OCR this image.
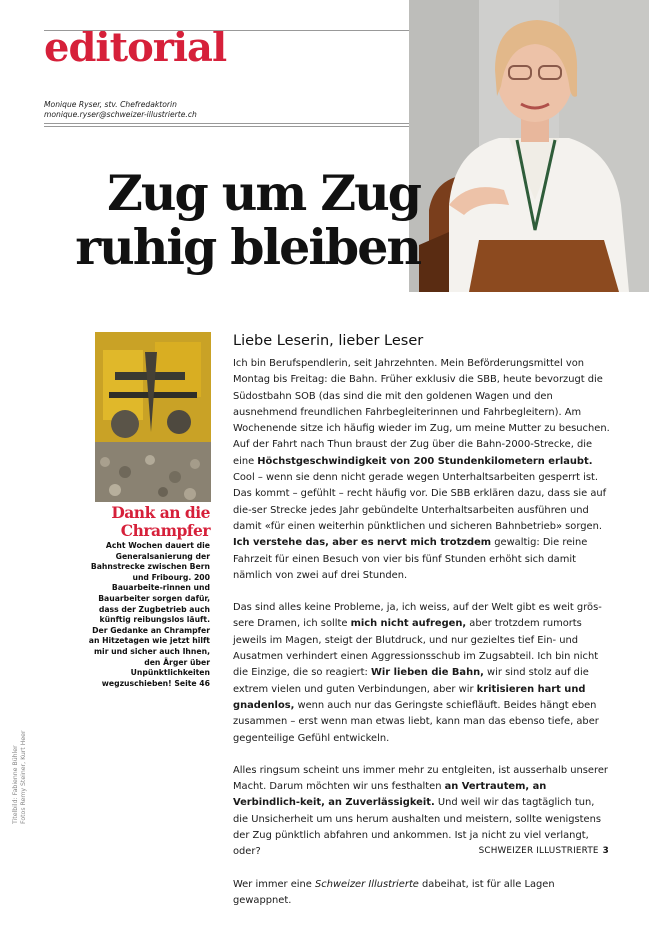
editorial
Monique Ryser, stv. Chefredaktorin
monique.ryser@schweizer-illustrierte.ch
Zug um Zug
ruhig bleiben
Dank an die
Chrampfer
Acht Wochen dauert die Generalsanierung der Bahnstrecke zwischen Bern und Fribourg. 200 Bauarbeite-rinnen und Bauarbeiter sorgen dafür, dass der Zugbetrieb auch künftig reibungslos läuft. Der Gedanke an Chrampfer an Hitzetagen wie jetzt hilft mir und sicher auch Ihnen, den Ärger über Unpünktlichkeiten wegzuschieben! Seite 46
Titelbild: Fabienne Bühler Fotos Remy Steiner, Kurt Heer
Liebe Leserin, lieber Leser

Ich bin Berufspendlerin, seit Jahrzehnten. Mein Beförderungsmittel von Montag bis Freitag: die Bahn. Früher exklusiv die SBB, heute bevorzugt die Südostbahn SOB (das sind die mit den goldenen Wagen und den ausnehmend freundlichen Fahrbegleiterinnen und Fahrbegleitern). Am Wochenende sitze ich häufig wieder im Zug, um meine Mutter zu besuchen. Auf der Fahrt nach Thun braust der Zug über die Bahn-2000-Strecke, die eine Höchstgeschwindigkeit von 200 Stundenkilometern erlaubt. Cool – wenn sie denn nicht gerade wegen Unterhaltsarbeiten gesperrt ist. Das kommt – gefühlt – recht häufig vor. Die SBB erklären dazu, dass sie auf die-ser Strecke jedes Jahr gebündelte Unterhaltsarbeiten ausführen und damit «für einen weiterhin pünktlichen und sicheren Bahnbetrieb» sorgen.
Ich verstehe das, aber es nervt mich trotzdem gewaltig: Die reine Fahrzeit für einen Besuch von vier bis fünf Stunden erhöht sich damit nämlich von zwei auf drei Stunden.

Das sind alles keine Probleme, ja, ich weiss, auf der Welt gibt es weit grös-sere Dramen, ich sollte mich nicht aufregen, aber trotzdem rumorts jeweils im Magen, steigt der Blutdruck, und nur gezieltes tief Ein- und Ausatmen verhindert einen Aggressionsschub im Zugsabteil. Ich bin nicht die Einzige, die so reagiert: Wir lieben die Bahn, wir sind stolz auf die extrem vielen und guten Verbindungen, aber wir kritisieren hart und gnadenlos, wenn auch nur das Geringste schiefläuft. Beides hängt eben zusammen – erst wenn man etwas liebt, kann man das ebenso tiefe, aber gegenteilige Gefühl entwickeln.

Alles ringsum scheint uns immer mehr zu entgleiten, ist ausserhalb unserer Macht. Darum möchten wir uns festhalten an Vertrautem, an Verbindlich-keit, an Zuverlässigkeit. Und weil wir das tagtäglich tun, die Unsicherheit um uns herum aushalten und meistern, sollte wenigstens der Zug pünktlich abfahren und ankommen. Ist ja nicht zu viel verlangt, oder?

Wer immer eine Schweizer Illustrierte dabeihat, ist für alle Lagen gewappnet.

SCHWEIZER ILLUSTRIERTE 3
